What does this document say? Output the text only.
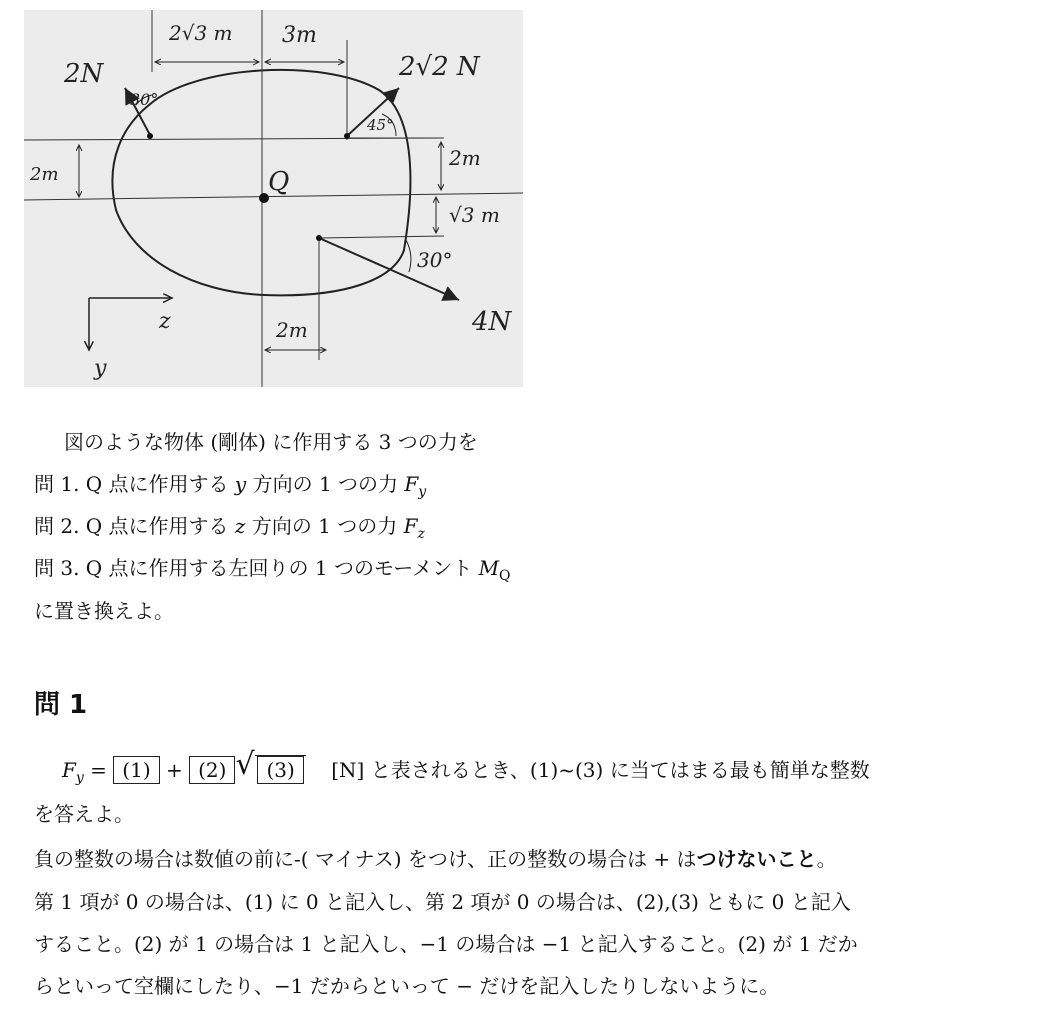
2N
30°
2√3 m 3m
2√2 N
45°
2m	Q
2m
√3 m
30°
4N
z
y
2m
図のような物体 (剛体) に作用する 3 つの力を
問 1. Q 点に作用する y 方向の 1 つの力 $F_y$
問 2. Q 点に作用する z 方向の 1 つの力 $F_z$
問 3. Q 点に作用する左回りの 1 つのモーメント $M_Q$
に置き換えよ。
問 1
$F_y = (1) + (2)$ √ (3) [N] と表されるとき、(1)~(3) に当てはまる最も簡単な整数
を答えよ。
負の整数の場合は数値の前に-( マイナス) をつけ、正の整数の場合は + はつけないこと。
第 1 項が 0 の場合は、(1) に 0 と記入し、第 2 項が 0 の場合は、(2),(3) ともに 0 と記入
すること。(2) が 1 の場合は 1 と記入し、−1 の場合は −1 と記入すること。(2) が 1 だか
らといって空欄にしたり、−1 だからといって − だけを記入したりしないように。
